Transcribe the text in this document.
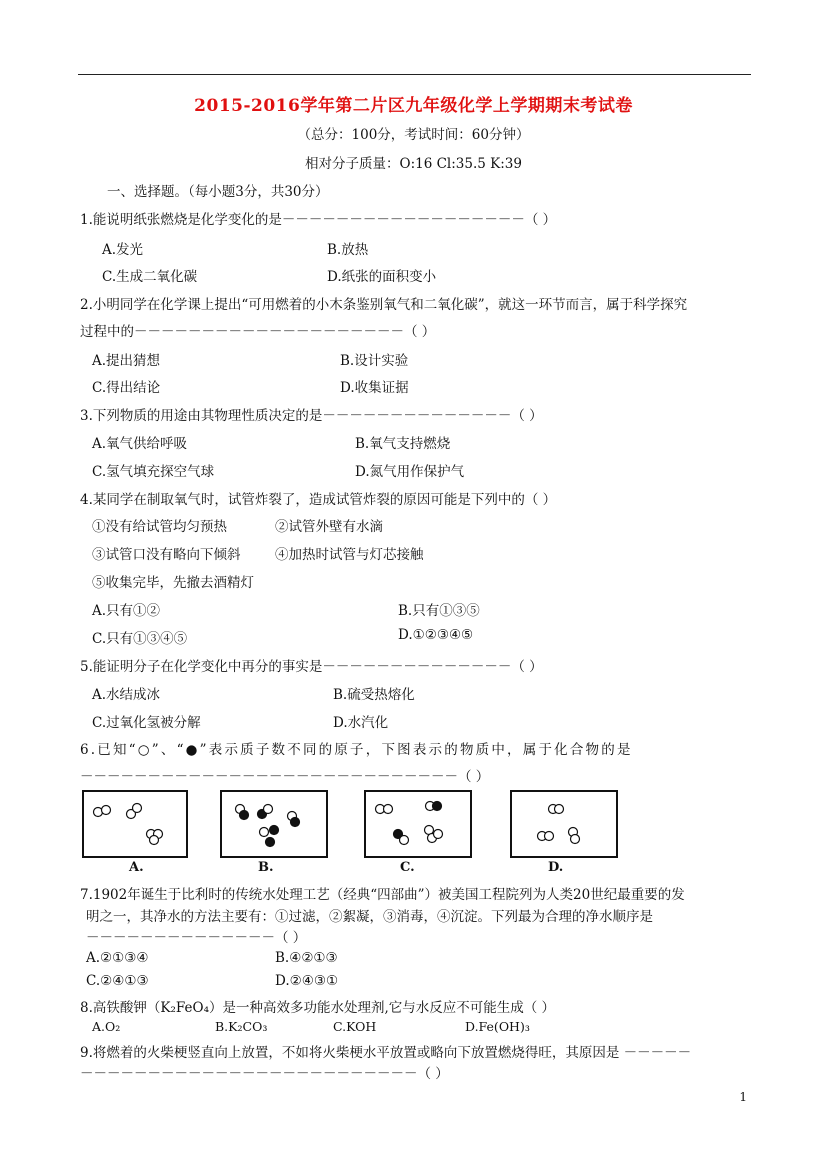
2015-2016学年第二片区九年级化学上学期期末考试卷
（总分：100分，考试时间：60分钟）
相对分子质量：O:16 Cl:35.5 K:39
一、选择题。（每小题3分，共30分）
1.能说明纸张燃烧是化学变化的是－－－－－－－－－－－－－－－－－－（ ）
A.发光	B.放热
C.生成二氧化碳	D.纸张的面积变小
2.小明同学在化学课上提出“可用燃着的小木条鉴别氧气和二氧化碳”，就这一环节而言，属于科学探究
过程中的－－－－－－－－－－－－－－－－－－－－（ ）
A.提出猜想	B.设计实验
C.得出结论	D.收集证据
3.下列物质的用途由其物理性质决定的是－－－－－－－－－－－－－－（ ）
A.氧气供给呼吸	B.氧气支持燃烧
C.氢气填充探空气球	D.氮气用作保护气
4.某同学在制取氧气时，试管炸裂了，造成试管炸裂的原因可能是下列中的（ ）
①没有给试管均匀预热	②试管外壁有水滴
③试管口没有略向下倾斜	④加热时试管与灯芯接触
⑤收集完毕，先撤去酒精灯
A.只有①②	B.只有①③⑤
C.只有①③④⑤	D.①②③④⑤
5.能证明分子在化学变化中再分的事实是－－－－－－－－－－－－－－（ ）
A.水结成冰	B.硫受热熔化
C.过氧化氢被分解	D.水汽化
6.已知“○”、“●”表示质子数不同的原子，下图表示的物质中，属于化合物的是
－－－－－－－－－－－－－－－－－－－－－－－－－－－－（ ）
A.	B.	C.	D.
7.1902年诞生于比利时的传统水处理工艺（经典“四部曲”）被美国工程院列为人类20世纪最重要的发
明之一，其净水的方法主要有：①过滤，②絮凝，③消毒，④沉淀。下列最为合理的净水顺序是
－－－－－－－－－－－－－－（ ）
A.②①③④	B.④②①③
C.②④①③	D.②④③①
8.高铁酸钾（K₂FeO₄）是一种高效多功能水处理剂,它与水反应不可能生成（ ）
A.O₂	B.K₂CO₃	C.KOH	D.Fe(OH)₃
9.将燃着的火柴梗竖直向上放置，不如将火柴梗水平放置或略向下放置燃烧得旺，其原因是 －－－－－
－－－－－－－－－－－－－－－－－－－－－－－－－（ ）
1
